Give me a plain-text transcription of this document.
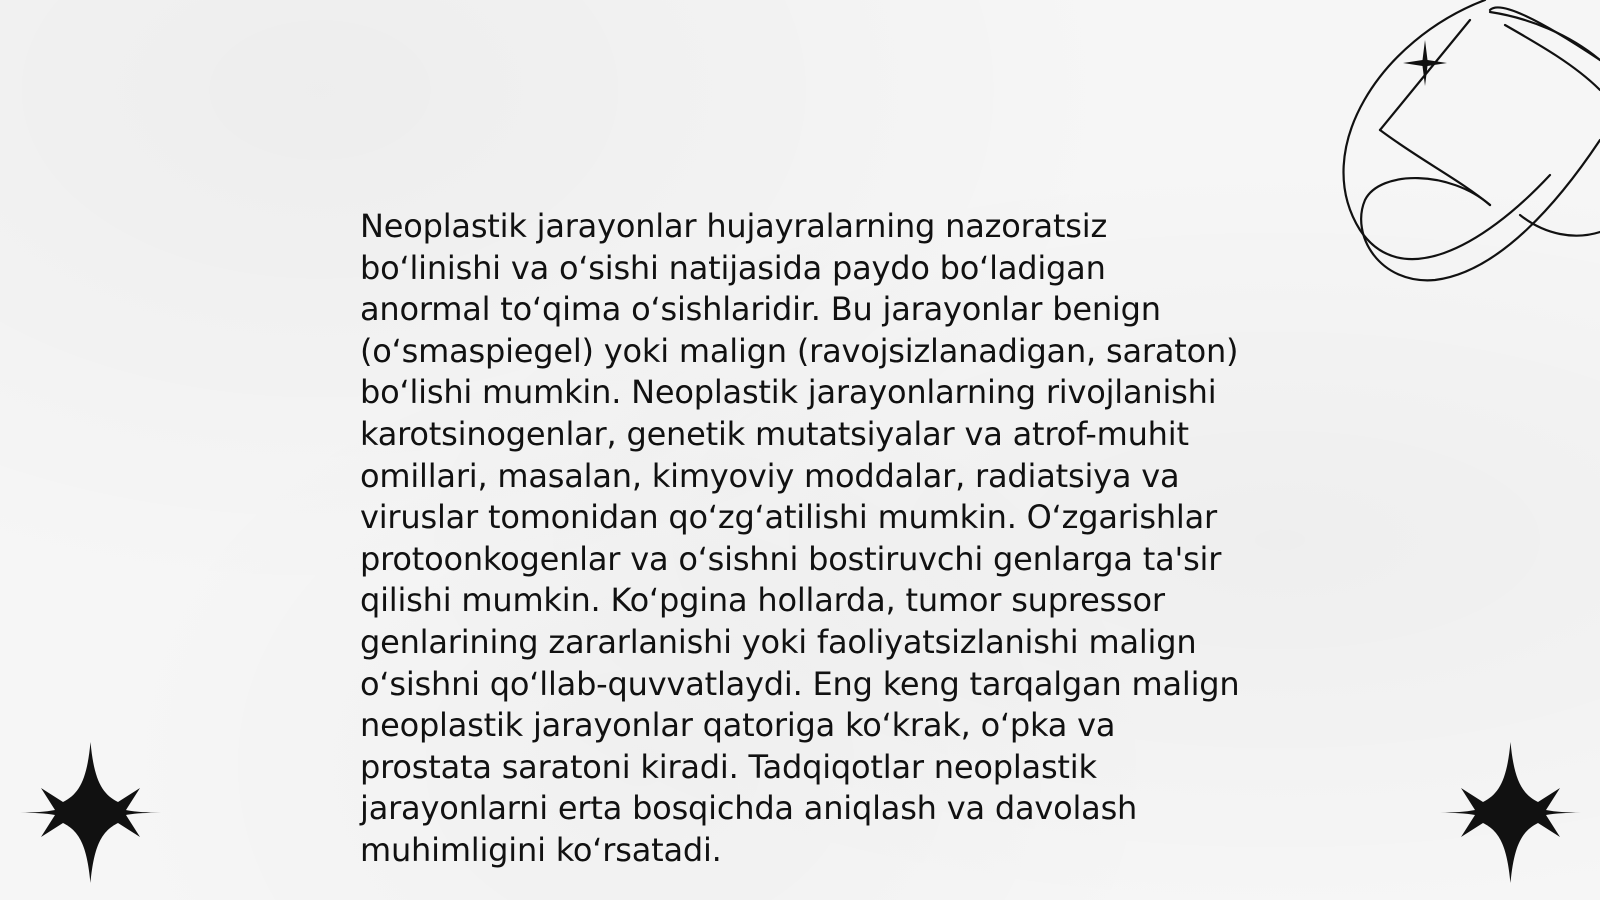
Neoplastik jarayonlar hujayralarning nazoratsiz boʻlinishi va oʻsishi natijasida paydo boʻladigan anormal toʻqima oʻsishlaridir. Bu jarayonlar benign (oʻsmaspiegel) yoki malign (ravojsizlanadigan, saraton) boʻlishi mumkin. Neoplastik jarayonlarning rivojlanishi karotsinogenlar, genetik mutatsiyalar va atrof-muhit omillari, masalan, kimyoviy moddalar, radiatsiya va viruslar tomonidan qoʻzgʻatilishi mumkin. Oʻzgarishlar protoonkogenlar va oʻsishni bostiruvchi genlarga ta'sir qilishi mumkin. Koʻpgina hollarda, tumor supressor genlarining zararlanishi yoki faoliyatsizlanishi malign oʻsishni qoʻllab-quvvatlaydi. Eng keng tarqalgan malign neoplastik jarayonlar qatoriga koʻkrak, oʻpka va prostata saratoni kiradi. Tadqiqotlar neoplastik jarayonlarni erta bosqichda aniqlash va davolash muhimligini koʻrsatadi.
